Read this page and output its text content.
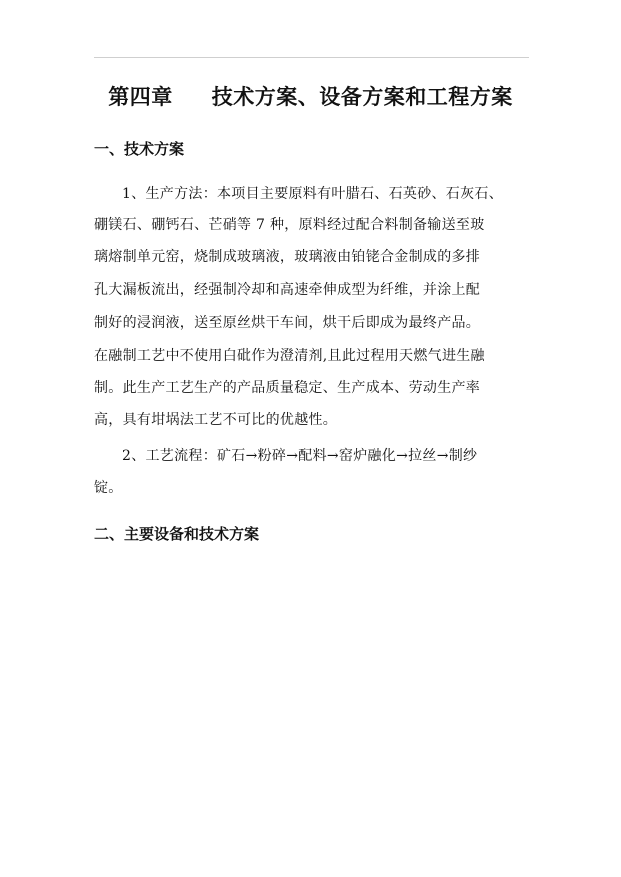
第四章     技术方案、设备方案和工程方案
一、技术方案
1、生产方法：本项目主要原料有叶腊石、石英砂、石灰石、
硼镁石、硼钙石、芒硝等 7 种，原料经过配合料制备输送至玻
璃熔制单元窑，烧制成玻璃液，玻璃液由铂铑合金制成的多排
孔大漏板流出，经强制冷却和高速牵伸成型为纤维，并涂上配
制好的浸润液，送至原丝烘干车间，烘干后即成为最终产品。
在融制工艺中不使用白砒作为澄清剂,且此过程用天燃气进生融
制。此生产工艺生产的产品质量稳定、生产成本、劳动生产率
高，具有坩埚法工艺不可比的优越性。
2、工艺流程：矿石→粉碎→配料→窑炉融化→拉丝→制纱
锭。
二、主要设备和技术方案
